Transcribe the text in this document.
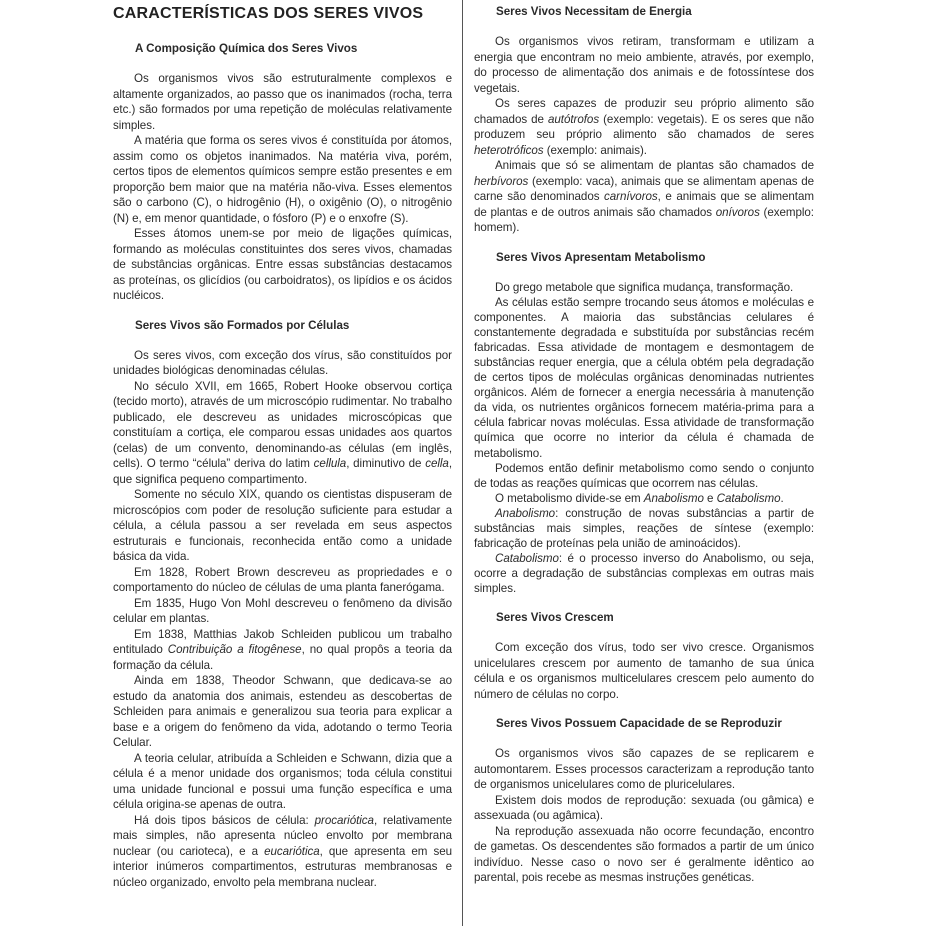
CARACTERÍSTICAS DOS SERES VIVOS
A Composição Química dos Seres Vivos

Os organismos vivos são estruturalmente complexos e altamente organizados, ao passo que os inanimados (rocha, terra etc.) são formados por uma repetição de moléculas relativamente simples.

A matéria que forma os seres vivos é constituída por átomos, assim como os objetos inanimados. Na matéria viva, porém, certos tipos de elementos químicos sempre estão presentes e em proporção bem maior que na matéria não-viva. Esses elementos são o carbono (C), o hidrogênio (H), o oxigênio (O), o nitrogênio (N) e, em menor quantidade, o fósforo (P) e o enxofre (S).

Esses átomos unem-se por meio de ligações químicas, formando as moléculas constituintes dos seres vivos, chamadas de substâncias orgânicas. Entre essas substâncias destacamos as proteínas, os glicídios (ou carboidratos), os lipídios e os ácidos nucléicos.

Seres Vivos são Formados por Células

Os seres vivos, com exceção dos vírus, são constituídos por unidades biológicas denominadas células.

No século XVII, em 1665, Robert Hooke observou cortiça (tecido morto), através de um microscópio rudimentar. No trabalho publicado, ele descreveu as unidades microscópicas que constituíam a cortiça, ele comparou essas unidades aos quartos (celas) de um convento, denominando-as células (em inglês, cells). O termo “célula” deriva do latim cellula, diminutivo de cella, que significa pequeno compartimento.

Somente no século XIX, quando os cientistas dispuseram de microscópios com poder de resolução suficiente para estudar a célula, a célula passou a ser revelada em seus aspectos estruturais e funcionais, reconhecida então como a unidade básica da vida.

Em 1828, Robert Brown descreveu as propriedades e o comportamento do núcleo de células de uma planta fanerógama.

Em 1835, Hugo Von Mohl descreveu o fenômeno da divisão celular em plantas.

Em 1838, Matthias Jakob Schleiden publicou um trabalho entitulado Contribuição a fitogênese, no qual propôs a teoria da formação da célula.

Ainda em 1838, Theodor Schwann, que dedicava-se ao estudo da anatomia dos animais, estendeu as descobertas de Schleiden para animais e generalizou sua teoria para explicar a base e a origem do fenômeno da vida, adotando o termo Teoria Celular.

A teoria celular, atribuída a Schleiden e Schwann, dizia que a célula é a menor unidade dos organismos; toda célula constitui uma unidade funcional e possui uma função específica e uma célula origina-se apenas de outra.

Há dois tipos básicos de célula: procariótica, relativamente mais simples, não apresenta núcleo envolto por membrana nuclear (ou carioteca), e a eucariótica, que apresenta em seu interior inúmeros compartimentos, estruturas membranosas e núcleo organizado, envolto pela membrana nuclear.

Seres Vivos Necessitam de Energia

Os organismos vivos retiram, transformam e utilizam a energia que encontram no meio ambiente, através, por exemplo, do processo de alimentação dos animais e de fotossíntese dos vegetais.

Os seres capazes de produzir seu próprio alimento são chamados de autótrofos (exemplo: vegetais). E os seres que não produzem seu próprio alimento são chamados de seres heterotróficos (exemplo: animais).

Animais que só se alimentam de plantas são chamados de herbívoros (exemplo: vaca), animais que se alimentam apenas de carne são denominados carnívoros, e animais que se alimentam de plantas e de outros animais são chamados onívoros (exemplo: homem).

Seres Vivos Apresentam Metabolismo

Do grego metabole que significa mudança, transformação.

As células estão sempre trocando seus átomos e moléculas e componentes. A maioria das substâncias celulares é constantemente degradada e substituída por substâncias recém fabricadas. Essa atividade de montagem e desmontagem de substâncias requer energia, que a célula obtém pela degradação de certos tipos de moléculas orgânicas denominadas nutrientes orgânicos. Além de fornecer a energia necessária à manutenção da vida, os nutrientes orgânicos fornecem matéria-prima para a célula fabricar novas moléculas. Essa atividade de transformação química que ocorre no interior da célula é chamada de metabolismo.

Podemos então definir metabolismo como sendo o conjunto de todas as reações químicas que ocorrem nas células.

O metabolismo divide-se em Anabolismo e Catabolismo.

Anabolismo: construção de novas substâncias a partir de substâncias mais simples, reações de síntese (exemplo: fabricação de proteínas pela união de aminoácidos).

Catabolismo: é o processo inverso do Anabolismo, ou seja, ocorre a degradação de substâncias complexas em outras mais simples.

Seres Vivos Crescem

Com exceção dos vírus, todo ser vivo cresce. Organismos unicelulares crescem por aumento de tamanho de sua única célula e os organismos multicelulares crescem pelo aumento do número de células no corpo.

Seres Vivos Possuem Capacidade de se Reproduzir

Os organismos vivos são capazes de se replicarem e automontarem. Esses processos caracterizam a reprodução tanto de organismos unicelulares como de pluricelulares.

Existem dois modos de reprodução: sexuada (ou gâmica) e assexuada (ou agâmica).

Na reprodução assexuada não ocorre fecundação, encontro de gametas. Os descendentes são formados a partir de um único indivíduo. Nesse caso o novo ser é geralmente idêntico ao parental, pois recebe as mesmas instruções genéticas.
